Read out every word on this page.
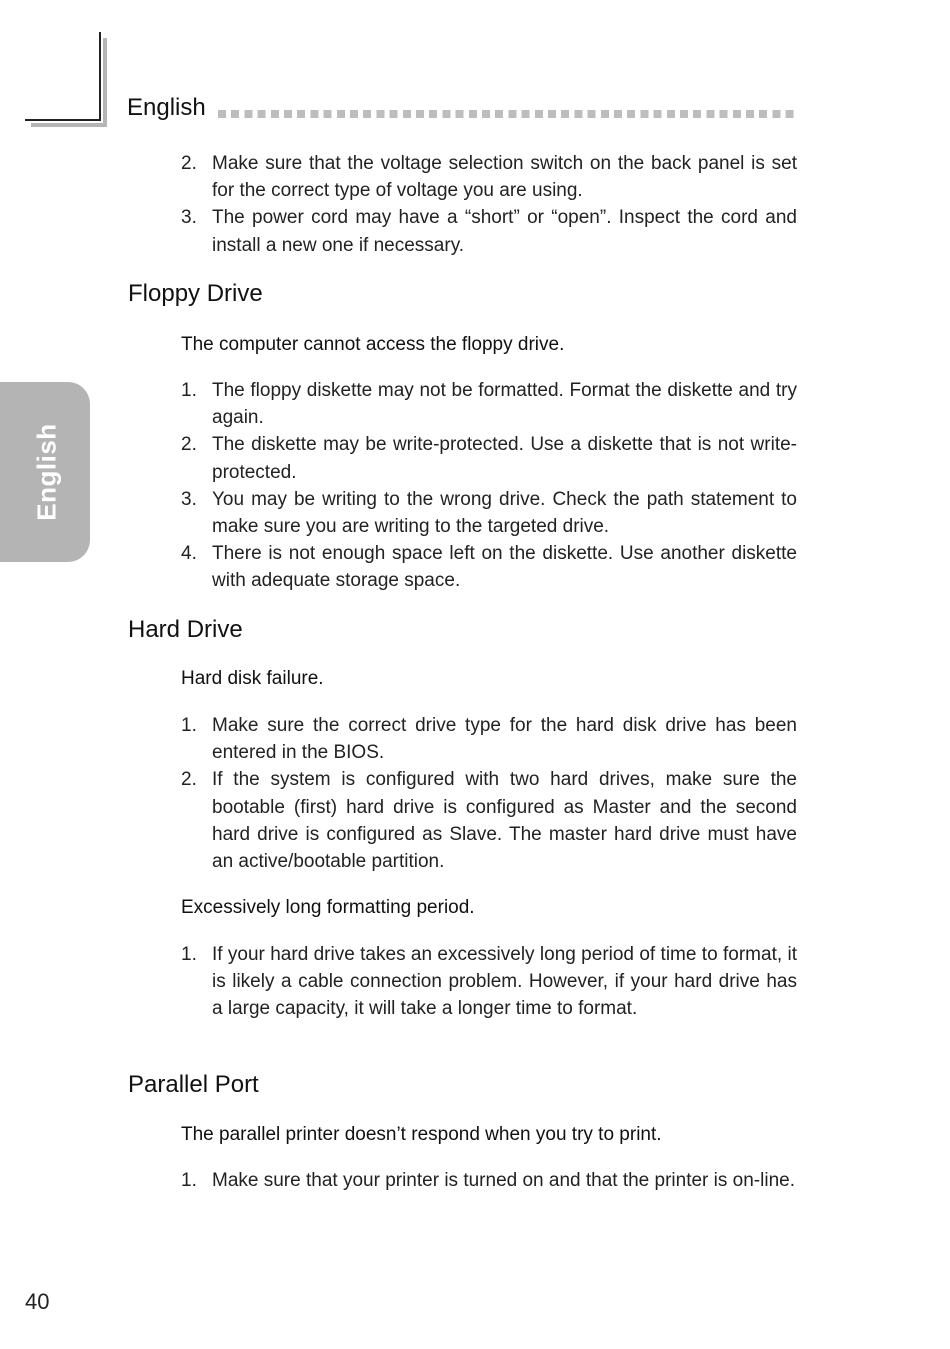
English
English
2. Make sure that the voltage selection switch on the back panel is set for the correct type of voltage you are using.
3. The power cord may have a “short” or “open”. Inspect the cord and install a new one if necessary.
Floppy Drive

The computer cannot access the floppy drive.

1. The floppy diskette may not be formatted. Format the diskette and try again.
2. The diskette may be write-protected. Use a diskette that is not write-protected.
3. You may be writing to the wrong drive. Check the path statement to make sure you are writing to the targeted drive.
4. There is not enough space left on the diskette. Use another diskette with adequate storage space.
Hard Drive

Hard disk failure.

1. Make sure the correct drive type for the hard disk drive has been entered in the BIOS.
2. If the system is configured with two hard drives, make sure the bootable (first) hard drive is configured as Master and the second hard drive is configured as Slave. The master hard drive must have an active/bootable partition.

Excessively long formatting period.

1. If your hard drive takes an excessively long period of time to format, it is likely a cable connection problem. However, if your hard drive has a large capacity, it will take a longer time to format.
Parallel Port

The parallel printer doesn’t respond when you try to print.

1. Make sure that your printer is turned on and that the printer is on-line.
40
